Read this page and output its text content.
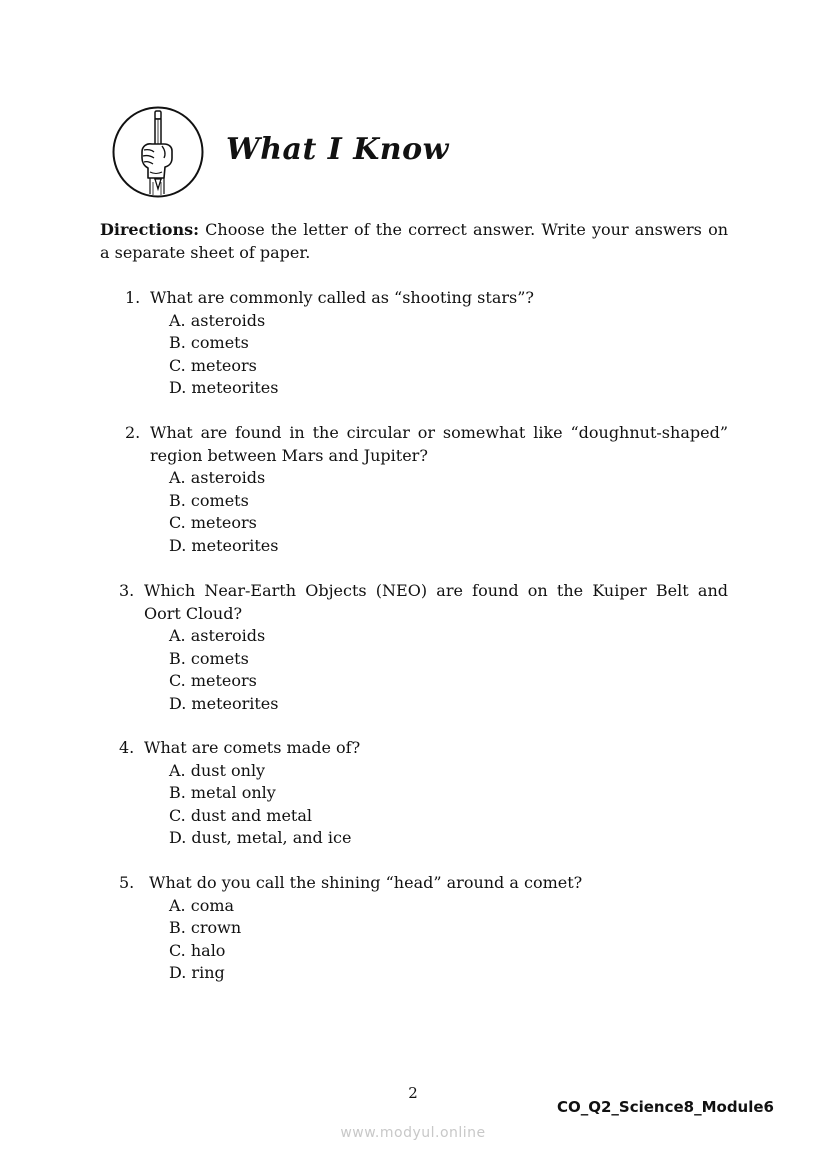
What I Know
Directions: Choose the letter of the correct answer. Write your answers on a separate sheet of paper.
1. What are commonly called as “shooting stars”?
A. asteroids
B. comets
C. meteors
D. meteorites
2. What are found in the circular or somewhat like “doughnut-shaped” region between Mars and Jupiter?
A. asteroids
B. comets
C. meteors
D. meteorites
3. Which Near-Earth Objects (NEO) are found on the Kuiper Belt and Oort Cloud?
A. asteroids
B. comets
C. meteors
D. meteorites
4. What are comets made of?
A. dust only
B. metal only
C. dust and metal
D. dust, metal, and ice
5. What do you call the shining “head” around a comet?
A. coma
B. crown
C. halo
D. ring
2
CO_Q2_Science8_Module6
www.modyul.online
